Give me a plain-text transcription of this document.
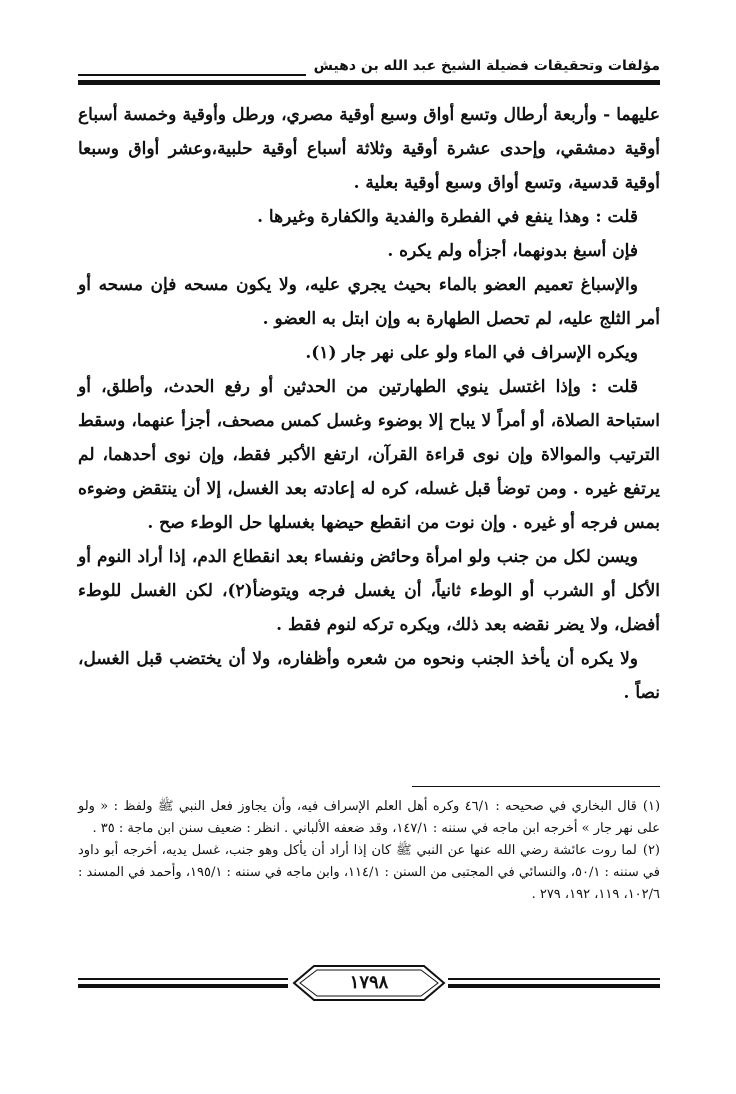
مؤلفات وتحقيقات فضيلة الشيخ عبد الله بن دهيش

عليهما - وأربعة أرطال وتسع أواق وسبع أوقية مصري، ورطل وأوقية وخمسة أسباع أوقية دمشقي، وإحدى عشرة أوقية وثلاثة أسباع أوقية حلبية،وعشر أواق وسبعا أوقية قدسية، وتسع أواق وسبع أوقية بعلية .

قلت : وهذا ينفع في الفطرة والفدية والكفارة وغيرها .

فإن أسبغ بدونهما، أجزأه ولم يكره .

والإسباغ تعميم العضو بالماء بحيث يجري عليه، ولا يكون مسحه فإن مسحه أو أمر الثلج عليه، لم تحصل الطهارة به وإن ابتل به العضو .

ويكره الإسراف في الماء ولو على نهر جار (١).

قلت : وإذا اغتسل ينوي الطهارتين من الحدثين أو رفع الحدث، وأطلق، أو استباحة الصلاة، أو أمراً لا يباح إلا بوضوء وغسل كمس مصحف، أجزأ عنهما، وسقط الترتيب والموالاة وإن نوى قراءة القرآن، ارتفع الأكبر فقط، وإن نوى أحدهما، لم يرتفع غيره . ومن توضأ قبل غسله، كره له إعادته بعد الغسل، إلا أن ينتقض وضوءه بمس فرجه أو غيره . وإن نوت من انقطع حيضها بغسلها حل الوطء صح .

ويسن لكل من جنب ولو امرأة وحائض ونفساء بعد انقطاع الدم، إذا أراد النوم أو الأكل أو الشرب أو الوطء ثانياً، أن يغسل فرجه ويتوضأ(٢)، لكن الغسل للوطء أفضل، ولا يضر نقضه بعد ذلك، ويكره تركه لنوم فقط .

ولا يكره أن يأخذ الجنب ونحوه من شعره وأظفاره، ولا أن يختضب قبل الغسل، نصاً .

(١)قال البخاري في صحيحه : ٤٦/١ وكره أهل العلم الإسراف فيه، وأن يجاوز فعل النبي ﷺ ولفظ : « ولو على نهر جار » أخرجه ابن ماجه في سننه : ١٤٧/١، وقد ضعفه الألباني . انظر : ضعيف سنن ابن ماجة : ٣٥ .

(٢)لما روت عائشة رضي الله عنها عن النبي ﷺ كان إذا أراد أن يأكل وهو جنب، غسل يديه، أخرجه أبو داود في سننه : ٥٠/١، والنسائي في المجتبى من السنن : ١١٤/١، وابن ماجه في سننه : ١٩٥/١، وأحمد في المسند : ١٠٢/٦، ١١٩، ١٩٢، ٢٧٩ .

١٧٩٨
